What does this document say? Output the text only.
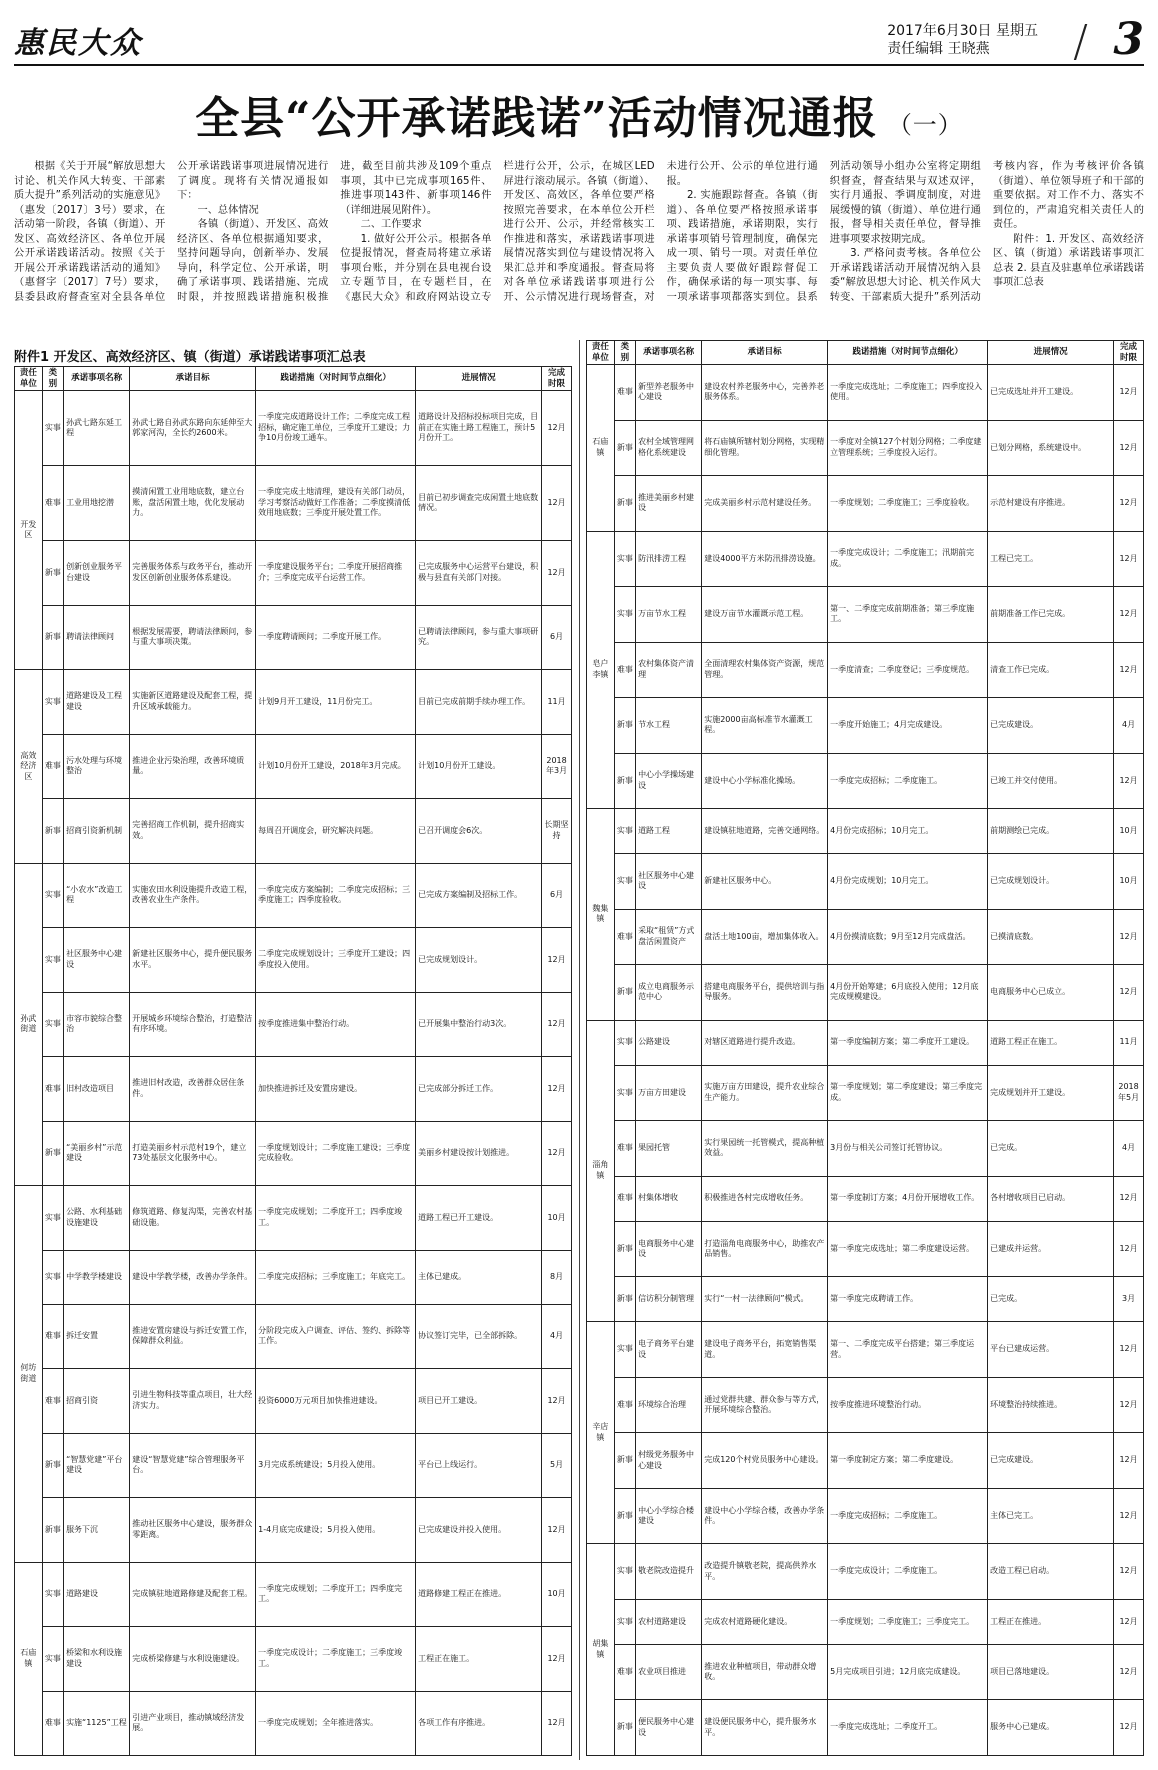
惠民大众	2017年6月30日 星期五
责任编辑 王晓燕	/ 3
全县“公开承诺践诺”活动情况通报 （一）

根据《关于开展“解放思想大讨论、机关作风大转变、干部素质大提升”系列活动的实施意见》（惠发〔2017〕3号）要求，在活动第一阶段，各镇（街道）、开发区、高效经济区、各单位开展公开承诺践诺活动。按照《关于开展公开承诺践诺活动的通知》（惠督字〔2017〕7号）要求，县委县政府督查室对全县各单位公开承诺践诺事项进展情况进行了调度。现将有关情况通报如下：

一、总体情况

各镇（街道）、开发区、高效经济区、各单位根据通知要求，坚持问题导向，创新举办、发展导向，科学定位、公开承诺，明确了承诺事项、践诺措施、完成时限，并按照践诺措施积极推进，截至目前共涉及109个重点事项，其中已完成事项165件、推进事项143件、新事项146件（详细进展见附件）。

二、工作要求

1. 做好公开公示。根据各单位提报情况，督查局将建立承诺事项台账，并分别在县电视台设立专题节目，在专题栏目，在《惠民大众》和政府网站设立专栏进行公开，公示，在城区LED屏进行滚动展示。各镇（街道）、开发区、高效区，各单位要严格按照完善要求，在本单位公开栏进行公开、公示，并经常核实工作推进和落实，承诺践诺事项进展情况落实到位与建设情况将入果汇总并和季度通报。督查局将对各单位承诺践诺事项进行公开、公示情况进行现场督查，对未进行公开、公示的单位进行通报。

2. 实施跟踪督查。各镇（街道）、各单位要严格按照承诺事项、践诺措施，承诺期限，实行承诺事项销号管理制度，确保完成一项、销号一项。对责任单位主要负责人要做好跟踪督促工作，确保承诺的每一项实事、每一项承诺事项都落实到位。县系列活动领导小组办公室将定期组织督查，督查结果与双述双评，实行月通报、季调度制度，对进展缓慢的镇（街道）、单位进行通报，督导相关责任单位，督导推进事项要求按期完成。

3. 严格问责考核。各单位公开承诺践诺活动开展情况纳入县委“解放思想大讨论、机关作风大转变、干部素质大提升”系列活动考核内容，作为考核评价各镇（街道）、单位领导班子和干部的重要依据。对工作不力、落实不到位的，严肃追究相关责任人的责任。

附件：1. 开发区、高效经济区、镇（街道）承诺践诺事项汇总表 2. 县直及驻惠单位承诺践诺事项汇总表

附件1 开发区、高效经济区、镇（街道）承诺践诺事项汇总表
责任单位	类别	承诺事项名称	承诺目标	践诺措施（对时间节点细化）	进展情况	完成时限
开发区	实事	孙武七路东延工程	孙武七路自孙武东路向东延伸至大郭家河沟，全长约2600米。	一季度完成道路设计工作；二季度完成工程招标，确定施工单位，三季度开工建设；力争10月份竣工通车。	道路设计及招标投标项目完成，目前正在实施土路工程施工，预计5月份开工。	12月
	难事	工业用地挖潜	摸清闲置工业用地底数，建立台账，盘活闲置土地，优化发展动力。	一季度完成土地清理，建设有关部门动员，学习考察活动做好工作准备；二季度摸清低效用地底数；三季度开展处置工作。	目前已初步调查完成闲置土地底数情况。	12月
	新事	创新创业服务平台建设	完善服务体系与政务平台，推动开发区创新创业服务体系建设。	一季度建设服务平台；二季度开展招商推介；三季度完成平台运营工作。	已完成服务中心运营平台建设，积极与县直有关部门对接。	12月
	新事	聘请法律顾问	根据发展需要，聘请法律顾问，参与重大事项决策。	一季度聘请顾问；二季度开展工作。	已聘请法律顾问，参与重大事项研究。	6月
高效经济区	实事	道路建设及工程建设	实施新区道路建设及配套工程，提升区域承载能力。	计划9月开工建设，11月份完工。	目前已完成前期手续办理工作。	11月
	难事	污水处理与环境整治	推进企业污染治理，改善环境质量。	计划10月份开工建设，2018年3月完成。	计划10月份开工建设。	2018年3月
	新事	招商引资新机制	完善招商工作机制，提升招商实效。	每周召开调度会，研究解决问题。	已召开调度会6次。	长期坚持
孙武街道	实事	“小农水”改造工程	实施农田水利设施提升改造工程，改善农业生产条件。	一季度完成方案编制；二季度完成招标；三季度施工；四季度验收。	已完成方案编制及招标工作。	6月
	实事	社区服务中心建设	新建社区服务中心，提升便民服务水平。	二季度完成规划设计；三季度开工建设；四季度投入使用。	已完成规划设计。	12月
	实事	市容市貌综合整治	开展城乡环境综合整治，打造整洁有序环境。	按季度推进集中整治行动。	已开展集中整治行动3次。	12月
	难事	旧村改造项目	推进旧村改造，改善群众居住条件。	加快推进拆迁及安置房建设。	已完成部分拆迁工作。	12月
	新事	“美丽乡村”示范建设	打造美丽乡村示范村19个，建立73处基层文化服务中心。	一季度规划设计；二季度施工建设；三季度完成验收。	美丽乡村建设按计划推进。	12月
何坊街道	实事	公路、水利基础设施建设	修筑道路、修复沟渠，完善农村基础设施。	一季度完成规划；二季度开工；四季度竣工。	道路工程已开工建设。	10月
	实事	中学教学楼建设	建设中学教学楼，改善办学条件。	二季度完成招标；三季度施工；年底完工。	主体已建成。	8月
	难事	拆迁安置	推进安置房建设与拆迁安置工作，保障群众利益。	分阶段完成入户调查、评估、签约、拆除等工作。	协议签订完毕，已全部拆除。	4月
	难事	招商引资	引进生物科技等重点项目，壮大经济实力。	投资6000万元项目加快推进建设。	项目已开工建设。	12月
	新事	“智慧党建”平台建设	建设“智慧党建”综合管理服务平台。	3月完成系统建设；5月投入使用。	平台已上线运行。	5月
	新事	服务下沉	推动社区服务中心建设，服务群众零距离。	1-4月底完成建设；5月投入使用。	已完成建设并投入使用。	12月
石庙镇	实事	道路建设	完成镇驻地道路修建及配套工程。	一季度完成规划；二季度开工；四季度完工。	道路修建工程正在推进。	10月
	实事	桥梁和水利设施建设	完成桥梁修建与水利设施建设。	一季度完成设计；二季度施工；三季度竣工。	工程正在施工。	12月
	难事	实施“1125”工程	引进产业项目，推动镇域经济发展。	一季度完成规划；全年推进落实。	各项工作有序推进。	12月
责任单位	类别	承诺事项名称	承诺目标	践诺措施（对时间节点细化）	进展情况	完成时限
石庙镇	难事	新型养老服务中心建设	建设农村养老服务中心，完善养老服务体系。	一季度完成选址；二季度施工；四季度投入使用。	已完成选址并开工建设。	12月
	新事	农村全域管理网格化系统建设	将石庙镇所辖村划分网格，实现精细化管理。	一季度对全镇127个村划分网格；二季度建立管理系统；三季度投入运行。	已划分网格，系统建设中。	12月
	新事	推进美丽乡村建设	完成美丽乡村示范村建设任务。	一季度规划；二季度施工；三季度验收。	示范村建设有序推进。	12月
皂户李镇	实事	防汛排涝工程	建设4000平方米防汛排涝设施。	一季度完成设计；二季度施工；汛期前完成。	工程已完工。	12月
	实事	万亩节水工程	建设万亩节水灌溉示范工程。	第一、二季度完成前期准备；第三季度施工。	前期准备工作已完成。	12月
	难事	农村集体资产清理	全面清理农村集体资产资源，规范管理。	一季度清查；二季度登记；三季度规范。	清查工作已完成。	12月
	新事	节水工程	实施2000亩高标准节水灌溉工程。	一季度开始施工；4月完成建设。	已完成建设。	4月
	新事	中心小学操场建设	建设中心小学标准化操场。	一季度完成招标；二季度施工。	已竣工并交付使用。	12月
魏集镇	实事	道路工程	建设镇驻地道路，完善交通网络。	4月份完成招标；10月完工。	前期测绘已完成。	10月
	实事	社区服务中心建设	新建社区服务中心。	4月份完成规划；10月完工。	已完成规划设计。	10月
	难事	采取“租赁”方式盘活闲置资产	盘活土地100亩，增加集体收入。	4月份摸清底数；9月至12月完成盘活。	已摸清底数。	12月
	新事	成立电商服务示范中心	搭建电商服务平台，提供培训与指导服务。	4月份开始筹建；6月底投入使用；12月底完成规模建设。	电商服务中心已成立。	12月
淄角镇	实事	公路建设	对辖区道路进行提升改造。	第一季度编制方案；第二季度开工建设。	道路工程正在施工。	11月
	实事	万亩方田建设	实施万亩方田建设，提升农业综合生产能力。	第一季度规划；第二季度建设；第三季度完成。	完成规划并开工建设。	2018年5月
	难事	果园托管	实行果园统一托管模式，提高种植效益。	3月份与相关公司签订托管协议。	已完成。	4月
	难事	村集体增收	积极推进各村完成增收任务。	第一季度制订方案；4月份开展增收工作。	各村增收项目已启动。	12月
	新事	电商服务中心建设	打造淄角电商服务中心，助推农产品销售。	第一季度完成选址；第二季度建设运营。	已建成并运营。	12月
	新事	信访积分制管理	实行“一村一法律顾问”模式。	第一季度完成聘请工作。	已完成。	3月
辛店镇	实事	电子商务平台建设	建设电子商务平台，拓宽销售渠道。	第一、二季度完成平台搭建；第三季度运营。	平台已建成运营。	12月
	难事	环境综合治理	通过党群共建、群众参与等方式，开展环境综合整治。	按季度推进环境整治行动。	环境整治持续推进。	12月
	新事	村级党务服务中心建设	完成120个村党员服务中心建设。	第一季度制定方案；第二季度建设。	已完成建设。	12月
	新事	中心小学综合楼建设	建设中心小学综合楼，改善办学条件。	一季度完成招标；二季度施工。	主体已完工。	12月
胡集镇	实事	敬老院改造提升	改造提升镇敬老院，提高供养水平。	一季度完成设计；二季度施工。	改造工程已启动。	12月
	实事	农村道路建设	完成农村道路硬化建设。	一季度规划；二季度施工；三季度完工。	工程正在推进。	12月
	难事	农业项目推进	推进农业种植项目，带动群众增收。	5月完成项目引进；12月底完成建设。	项目已落地建设。	12月
	新事	便民服务中心建设	建设便民服务中心，提升服务水平。	一季度完成选址；二季度开工。	服务中心已建成。	12月
